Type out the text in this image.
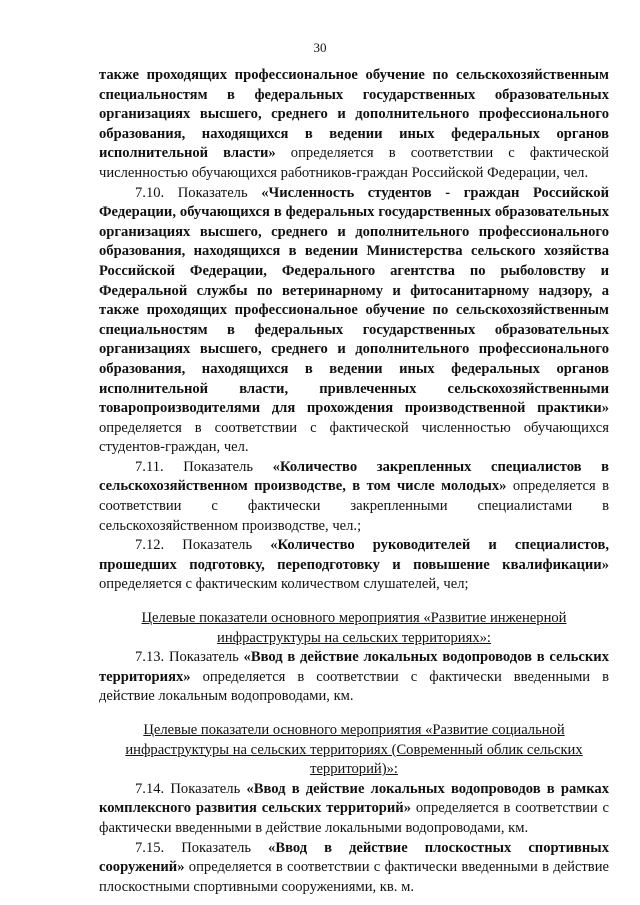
30

также проходящих профессиональное обучение по сельскохозяйственным специальностям в федеральных государственных образовательных организациях высшего, среднего и дополнительного профессионального образования, находящихся в ведении иных федеральных органов исполнительной власти» определяется в соответствии с фактической численностью обучающихся работников-граждан Российской Федерации, чел.

7.10. Показатель «Численность студентов - граждан Российской Федерации, обучающихся в федеральных государственных образовательных организациях высшего, среднего и дополнительного профессионального образования, находящихся в ведении Министерства сельского хозяйства Российской Федерации, Федерального агентства по рыболовству и Федеральной службы по ветеринарному и фитосанитарному надзору, а также проходящих профессиональное обучение по сельскохозяйственным специальностям в федеральных государственных образовательных организациях высшего, среднего и дополнительного профессионального образования, находящихся в ведении иных федеральных органов исполнительной власти, привлеченных сельскохозяйственными товаропроизводителями для прохождения производственной практики» определяется в соответствии с фактической численностью обучающихся студентов-граждан, чел.

7.11. Показатель «Количество закрепленных специалистов в сельскохозяйственном производстве, в том числе молодых» определяется в соответствии с фактически закрепленными специалистами в сельскохозяйственном производстве, чел.;

7.12. Показатель «Количество руководителей и специалистов, прошедших подготовку, переподготовку и повышение квалификации» определяется с фактическим количеством слушателей, чел;

Целевые показатели основного мероприятия «Развитие инженерной
инфраструктуры на сельских территориях»:

7.13. Показатель «Ввод в действие локальных водопроводов в сельских территориях» определяется в соответствии с фактически введенными в действие локальным водопроводами, км.

Целевые показатели основного мероприятия «Развитие социальной
инфраструктуры на сельских территориях (Современный облик сельских
территорий)»:

7.14. Показатель «Ввод в действие локальных водопроводов в рамках комплексного развития сельских территорий» определяется в соответствии с фактически введенными в действие локальными водопроводами, км.

7.15. Показатель «Ввод в действие плоскостных спортивных сооружений» определяется в соответствии с фактически введенными в действие плоскостными спортивными сооружениями, кв. м.
